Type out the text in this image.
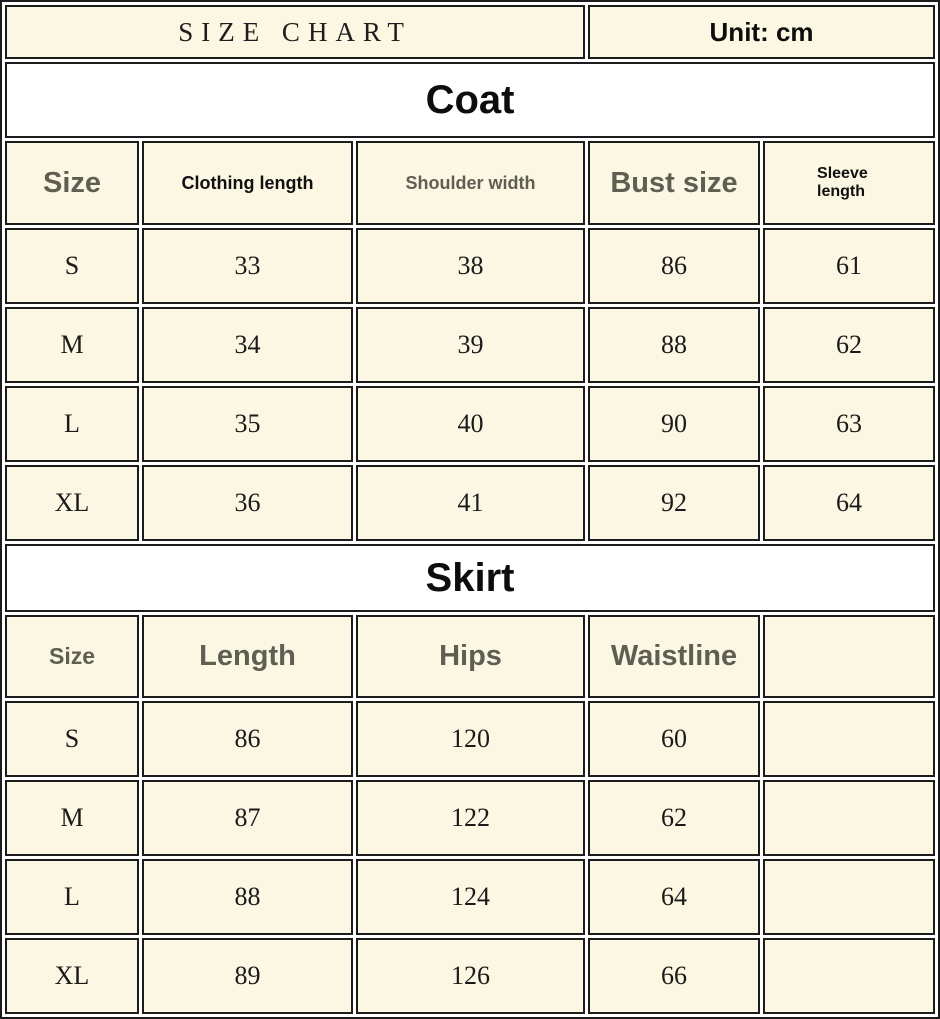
SIZE CHART			Unit: cm	
Coat				
Size	Clothing length	Shoulder width	Bust size	Sleeve length
S	33	38	86	61
M	34	39	88	62
L	35	40	90	63
XL	36	41	92	64
Skirt				
Size	Length	Hips	Waistline	
S	86	120	60	
M	87	122	62	
L	88	124	64	
XL	89	126	66	
